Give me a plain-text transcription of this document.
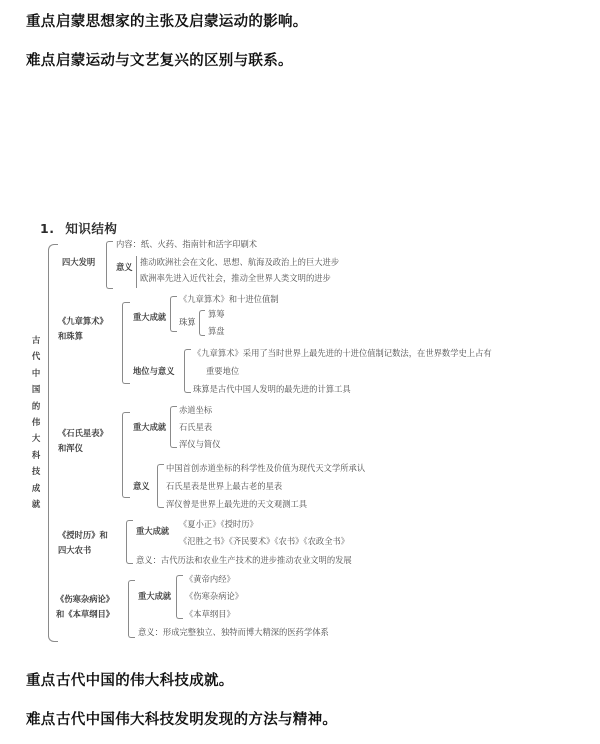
重点 启蒙思想家的主张及启蒙运动的影响。
难点 启蒙运动与文艺复兴的区别与联系。
1. 知识结构
古
代
中
国
的
伟
大
科
技
成
就
四大发明
内容：纸、火药、指南针和活字印刷术
意义 推动欧洲社会在文化、思想、航海及政治上的巨大进步
欧洲率先进入近代社会，推动全世界人类文明的进步
《九章算术》
和珠算
重大成就
《九章算术》和十进位值制
珠算
算筹
算盘
地位与意义
《九章算术》采用了当时世界上最先进的十进位值制记数法，在世界数学史上占有
重要地位
珠算是古代中国人发明的最先进的计算工具
《石氏星表》
和浑仪
重大成就
赤道坐标
石氏星表
浑仪与简仪
意义
中国首创赤道坐标的科学性及价值为现代天文学所承认
石氏星表是世界上最古老的星表
浑仪曾是世界上最先进的天文观测工具
《授时历》和
四大农书
重大成就
《夏小正》《授时历》
《氾胜之书》《齐民要术》《农书》《农政全书》
意义：古代历法和农业生产技术的进步推动农业文明的发展
《伤寒杂病论》
和《本草纲目》
重大成就
《黄帝内经》
《伤寒杂病论》
《本草纲目》
意义：形成完整独立、独特而博大精深的医药学体系
重点 古代中国的伟大科技成就。
难点 古代中国伟大科技发明发现的方法与精神。
